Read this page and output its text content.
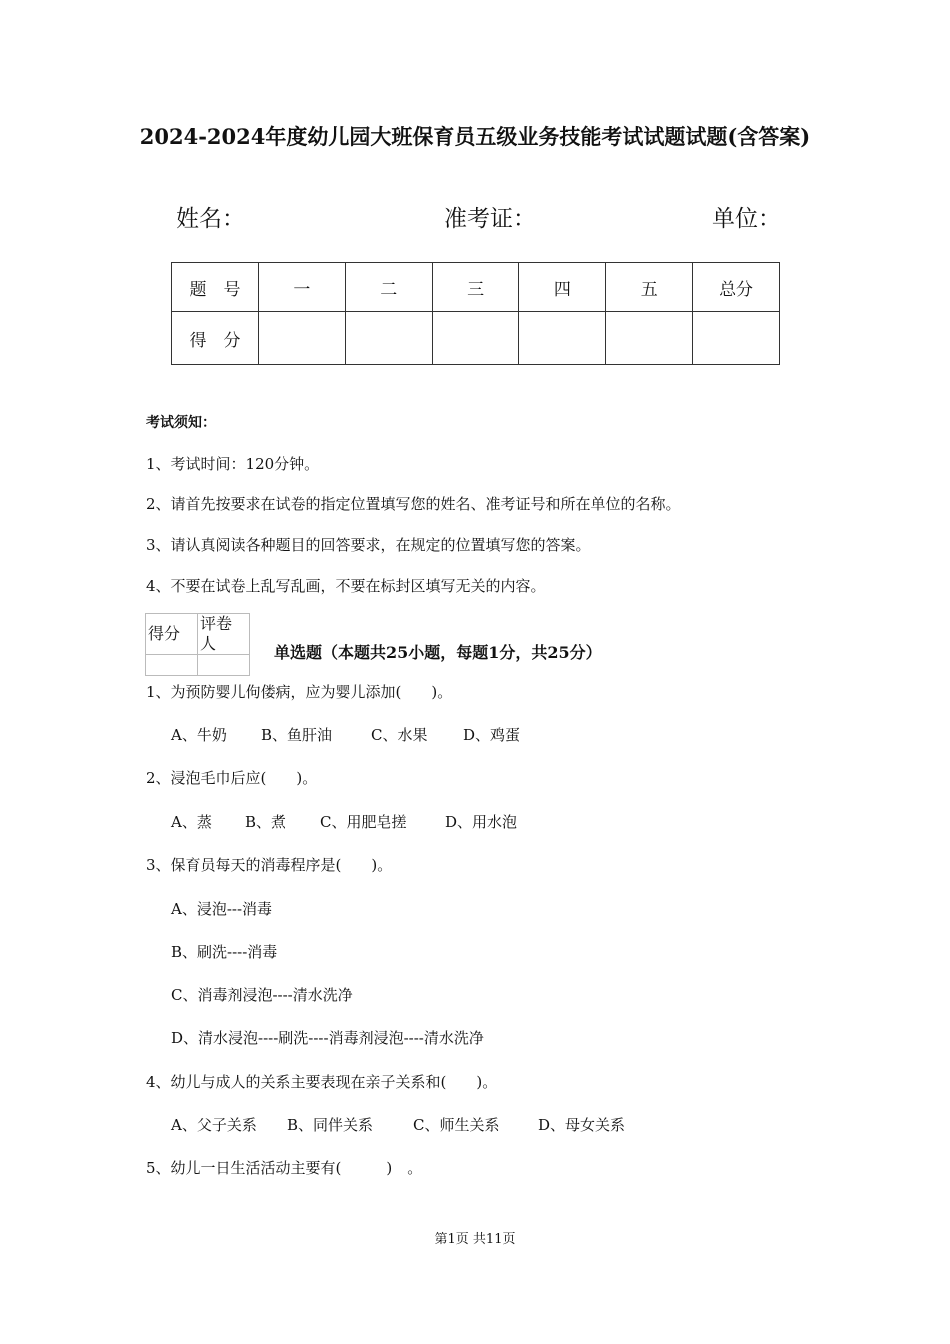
2024-2024年度幼儿园大班保育员五级业务技能考试试题试题(含答案)
姓名：	准考证：	单位：
题　号	一	二	三	四	五	总分
得　分						
考试须知：
1、考试时间：120分钟。
2、请首先按要求在试卷的指定位置填写您的姓名、准考证号和所在单位的名称。
3、请认真阅读各种题目的回答要求，在规定的位置填写您的答案。
4、不要在试卷上乱写乱画，不要在标封区填写无关的内容。
得分	评卷人
		单选题（本题共25小题，每题1分，共25分）
1、为预防婴儿佝偻病，应为婴儿添加(　　)。
A、牛奶 B、鱼肝油	C、水果 D、鸡蛋
2、浸泡毛巾后应(　　)。
A、蒸 B、煮 C、用肥皂搓	D、用水泡
3、保育员每天的消毒程序是(　　)。
A、浸泡---消毒
B、刷洗----消毒
C、消毒剂浸泡----清水洗净
D、清水浸泡----刷洗----消毒剂浸泡----清水洗净
4、幼儿与成人的关系主要表现在亲子关系和(　　)。
A、父子关系 B、同伴关系	C、师生关系	D、母女关系
5、幼儿一日生活活动主要有(　　　)　。
第1页 共11页
